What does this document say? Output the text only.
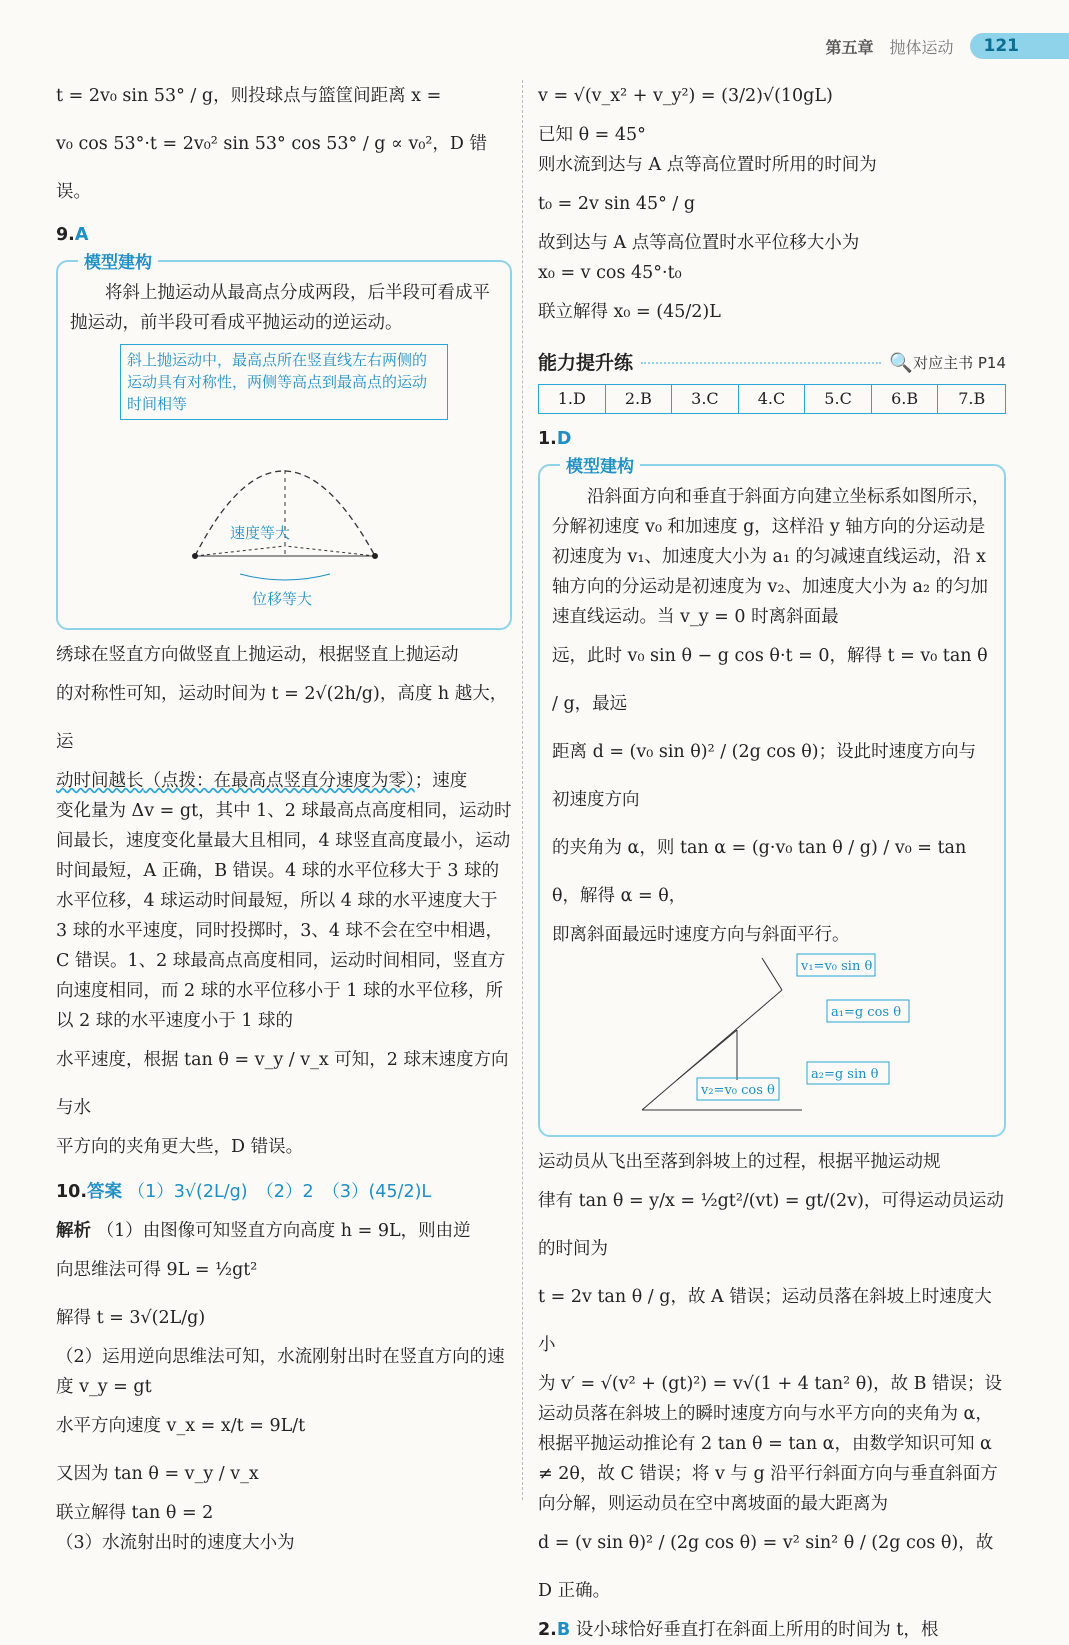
第五章 抛体运动	121

t = 2v₀ sin 53° / g，则投球点与篮筐间距离 x =

v₀ cos 53°·t = 2v₀² sin 53° cos 53° / g ∝ v₀²，D 错误。

9.A

模型建构

将斜上抛运动从最高点分成两段，后半段可看成平抛运动，前半段可看成平抛运动的逆运动。

斜上抛运动中，最高点所在竖直线左右两侧的运动具有对称性，两侧等高点到最高点的运动时间相等
速度等大
位移等大

绣球在竖直方向做竖直上抛运动，根据竖直上抛运动

的对称性可知，运动时间为 t = 2√(2h/g)，高度 h 越大，运

动时间越长（点拨：在最高点竖直分速度为零）；速度

变化量为 Δv = gt，其中 1、2 球最高点高度相同，运动时间最长，速度变化量最大且相同，4 球竖直高度最小，运动时间最短，A 正确，B 错误。4 球的水平位移大于 3 球的水平位移，4 球运动时间最短，所以 4 球的水平速度大于 3 球的水平速度，同时投掷时，3、4 球不会在空中相遇，C 错误。1、2 球最高点高度相同，运动时间相同，竖直方向速度相同，而 2 球的水平位移小于 1 球的水平位移，所以 2 球的水平速度小于 1 球的

水平速度，根据 tan θ = v_y / v_x 可知，2 球末速度方向与水

平方向的夹角更大些，D 错误。

10.答案 （1）3√(2L/g)　（2）2　（3）(45/2)L

解析 （1）由图像可知竖直方向高度 h = 9L，则由逆

向思维法可得 9L = ½gt²

解得 t = 3√(2L/g)

（2）运用逆向思维法可知，水流刚射出时在竖直方向的速度 v_y = gt

水平方向速度 v_x = x/t = 9L/t

又因为 tan θ = v_y / v_x

联立解得 tan θ = 2

（3）水流射出时的速度大小为

v = √(v_x² + v_y²) = (3/2)√(10gL)

已知 θ = 45°

则水流到达与 A 点等高位置时所用的时间为

t₀ = 2v sin 45° / g

故到达与 A 点等高位置时水平位移大小为

x₀ = v cos 45°·t₀

联立解得 x₀ = (45/2)L

能力提升练	🔍 对应主书 P14
1.D	2.B	3.C	4.C	5.C	6.B	7.B

1.D

模型建构

沿斜面方向和垂直于斜面方向建立坐标系如图所示，分解初速度 v₀ 和加速度 g，这样沿 y 轴方向的分运动是初速度为 v₁、加速度大小为 a₁ 的匀减速直线运动，沿 x 轴方向的分运动是初速度为 v₂、加速度大小为 a₂ 的匀加速直线运动。当 v_y = 0 时离斜面最

远，此时 v₀ sin θ − g cos θ·t = 0，解得 t = v₀ tan θ / g，最远

距离 d = (v₀ sin θ)² / (2g cos θ)；设此时速度方向与初速度方向

的夹角为 α，则 tan α = (g·v₀ tan θ / g) / v₀ = tan θ，解得 α = θ，

即离斜面最远时速度方向与斜面平行。

v₁=v₀ sin θ
a₁=g cos θ
a₂=g sin θ
v₂=v₀ cos θ

运动员从飞出至落到斜坡上的过程，根据平抛运动规

律有 tan θ = y/x = ½gt²/(vt) = gt/(2v)，可得运动员运动的时间为

t = 2v tan θ / g，故 A 错误；运动员落在斜坡上时速度大小

为 v′ = √(v² + (gt)²) = v√(1 + 4 tan² θ)，故 B 错误；设运动员落在斜坡上的瞬时速度方向与水平方向的夹角为 α，根据平抛运动推论有 2 tan θ = tan α，由数学知识可知 α ≠ 2θ，故 C 错误；将 v 与 g 沿平行斜面方向与垂直斜面方向分解，则运动员在空中离坡面的最大距离为

d = (v sin θ)² / (2g cos θ) = v² sin² θ / (2g cos θ)，故 D 正确。

2.B 设小球恰好垂直打在斜面上所用的时间为 t，根
